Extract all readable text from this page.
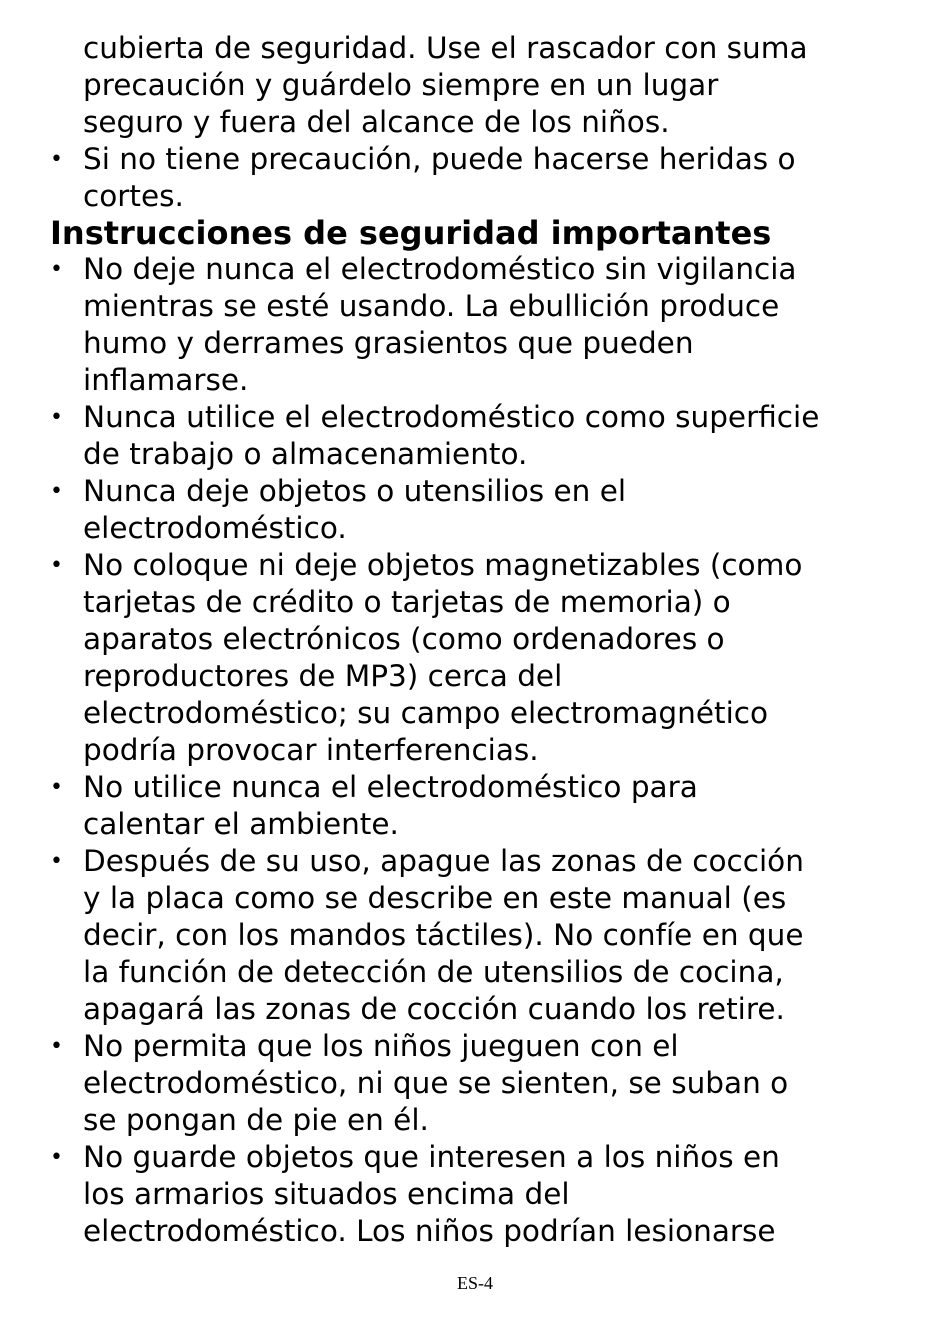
cubierta de seguridad. Use el rascador con suma
precaución y guárdelo siempre en un lugar
seguro y fuera del alcance de los niños.
• Si no tiene precaución, puede hacerse heridas o
cortes.
Instrucciones de seguridad importantes
• No deje nunca el electrodoméstico sin vigilancia
mientras se esté usando. La ebullición produce
humo y derrames grasientos que pueden
inflamarse.
• Nunca utilice el electrodoméstico como superficie
de trabajo o almacenamiento.
• Nunca deje objetos o utensilios en el
electrodoméstico.
• No coloque ni deje objetos magnetizables (como
tarjetas de crédito o tarjetas de memoria) o
aparatos electrónicos (como ordenadores o
reproductores de MP3) cerca del
electrodoméstico; su campo electromagnético
podría provocar interferencias.
• No utilice nunca el electrodoméstico para
calentar el ambiente.
• Después de su uso, apague las zonas de cocción
y la placa como se describe en este manual (es
decir, con los mandos táctiles). No confíe en que
la función de detección de utensilios de cocina,
apagará las zonas de cocción cuando los retire.
• No permita que los niños jueguen con el
electrodoméstico, ni que se sienten, se suban o
se pongan de pie en él.
• No guarde objetos que interesen a los niños en
los armarios situados encima del
electrodoméstico. Los niños podrían lesionarse
ES-4
